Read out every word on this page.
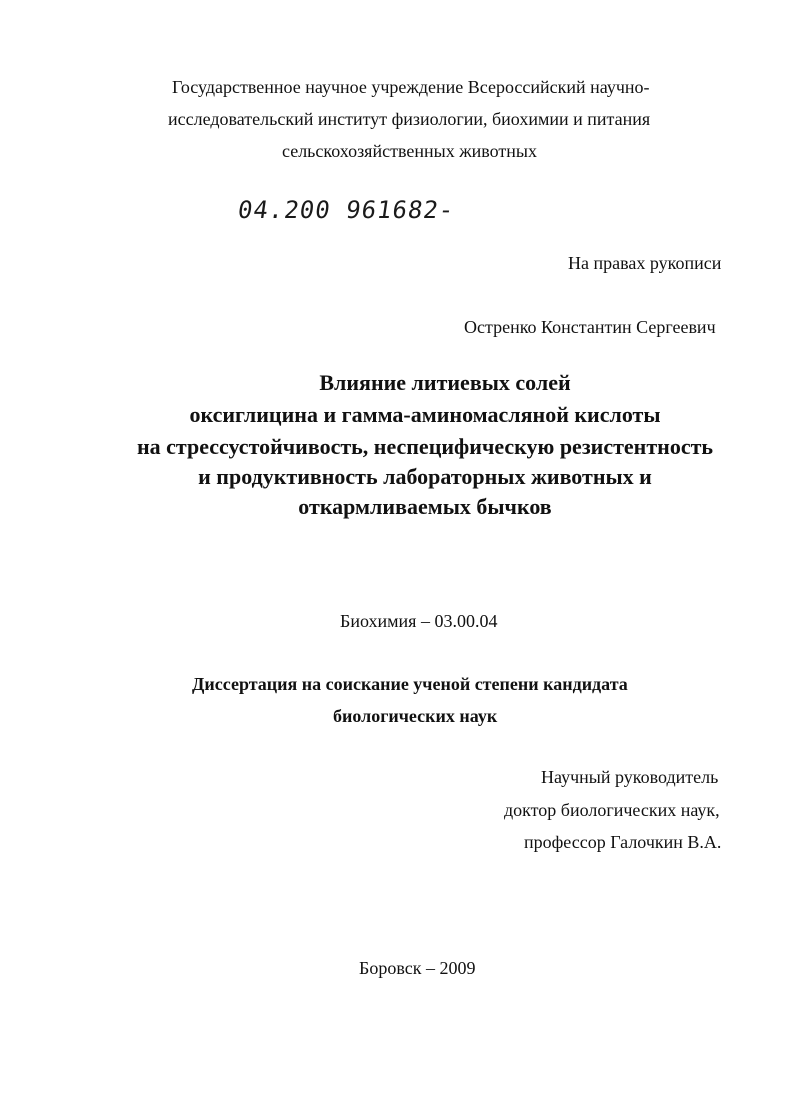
Государственное научное учреждение Всероссийский научно-
исследовательский институт физиологии, биохимии и питания
сельскохозяйственных животных
04.200 961682-
На правах рукописи
Остренко Константин Сергеевич
Влияние литиевых солей
оксиглицина и гамма-аминомасляной кислоты
на стрессустойчивость, неспецифическую резистентность
и продуктивность лабораторных животных и
откармливаемых бычков
Биохимия – 03.00.04
Диссертация на соискание ученой степени кандидата
биологических наук
Научный руководитель
доктор биологических наук,
профессор Галочкин В.А.
Боровск – 2009
